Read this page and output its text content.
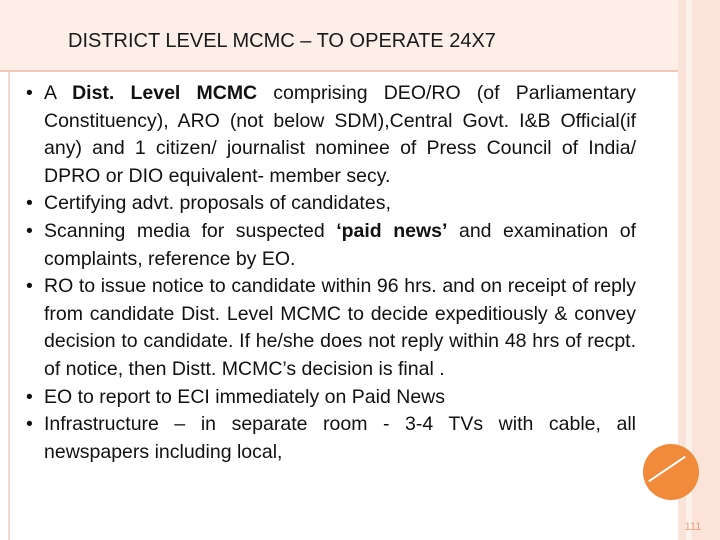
DISTRICT LEVEL MCMC – TO OPERATE 24X7
• A Dist. Level MCMC comprising DEO/RO (of Parliamentary Constituency), ARO (not below SDM),Central Govt. I&B Official(if any) and 1 citizen/ journalist nominee of Press Council of India/ DPRO or DIO equivalent- member secy.
• Certifying advt. proposals of candidates,
• Scanning media for suspected ‘paid news’ and examination of complaints, reference by EO.
• RO to issue notice to candidate within 96 hrs. and on receipt of reply from candidate Dist. Level MCMC to decide expeditiously & convey decision to candidate. If he/she does not reply within 48 hrs of recpt. of notice, then Distt. MCMC’s decision is final .
• EO to report to ECI immediately on Paid News
• Infrastructure – in separate room - 3-4 TVs with cable, all newspapers including local,
111
